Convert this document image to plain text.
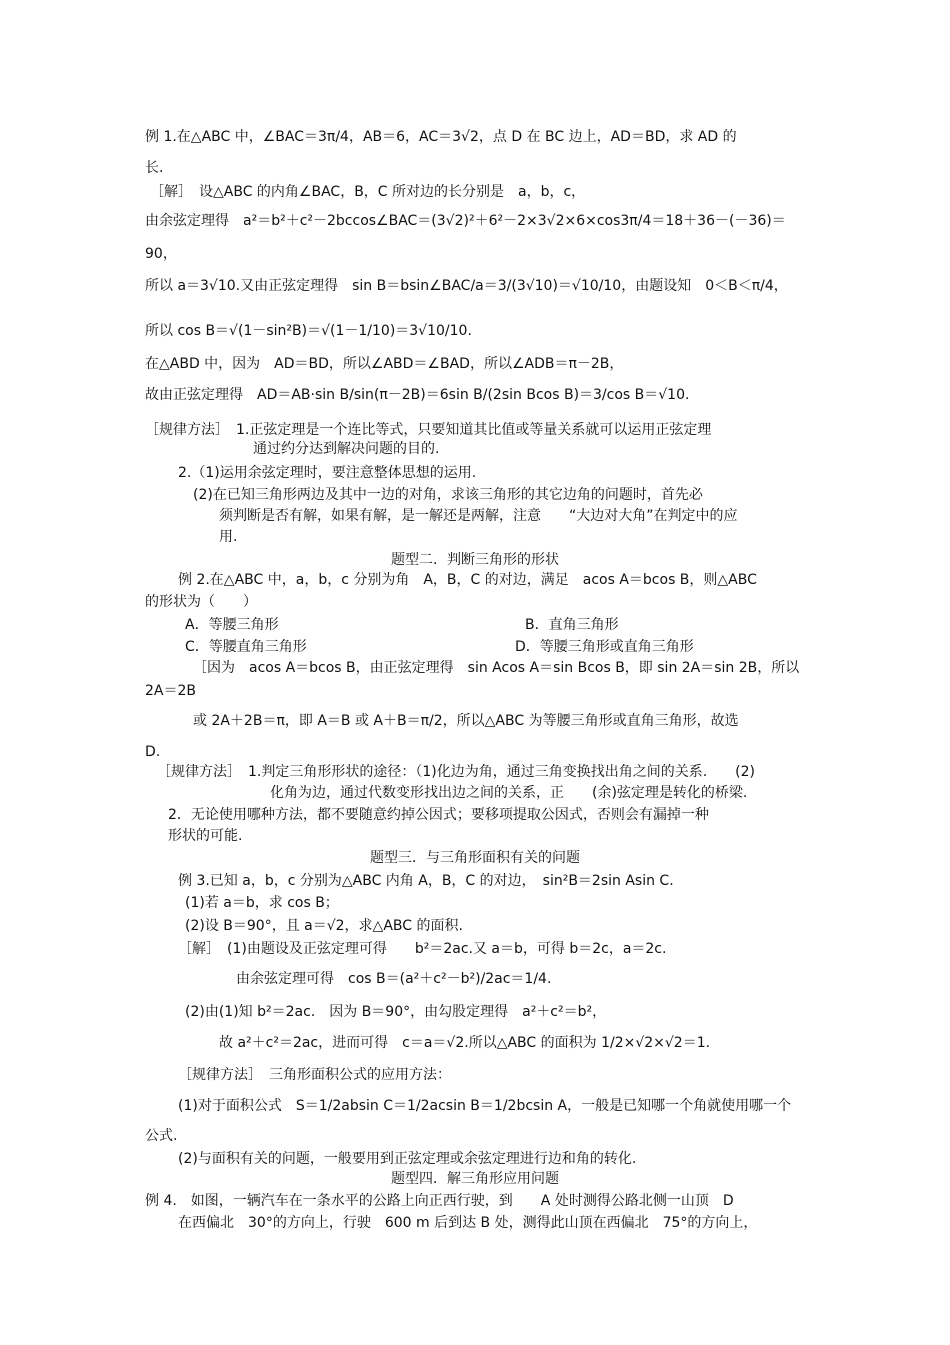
例 1.在△ABC 中，∠BAC＝3π/4，AB＝6，AC＝3√2，点 D 在 BC 边上，AD＝BD，求 AD 的
长.
［解］　设△ABC 的内角∠BAC，B，C 所对边的长分别是　a，b，c，
由余弦定理得　a²＝b²＋c²－2bccos∠BAC＝(3√2)²＋6²－2×3√2×6×cos3π/4＝18＋36－(－36)＝
90，
所以 a＝3√10.又由正弦定理得　sin B＝bsin∠BAC/a＝3/(3√10)＝√10/10，由题设知　0＜B＜π/4，
所以 cos B＝√(1－sin²B)＝√(1－1/10)＝3√10/10.
在△ABD 中，因为　AD＝BD，所以∠ABD＝∠BAD，所以∠ADB＝π－2B，
故由正弦定理得　AD＝AB·sin B/sin(π－2B)＝6sin B/(2sin Bcos B)＝3/cos B＝√10.
［规律方法］　1.正弦定理是一个连比等式，只要知道其比值或等量关系就可以运用正弦定理
通过约分达到解决问题的目的.
2.（1)运用余弦定理时，要注意整体思想的运用.
(2)在已知三角形两边及其中一边的对角，求该三角形的其它边角的问题时，首先必
须判断是否有解，如果有解，是一解还是两解，注意　　“大边对大角”在判定中的应
用.
题型二．判断三角形的形状
例 2.在△ABC 中，a，b，c 分别为角　A，B，C 的对边，满足　acos A＝bcos B，则△ABC
的形状为（　　）
A．等腰三角形	B．直角三角形
C．等腰直角三角形	D．等腰三角形或直角三角形
［因为　acos A＝bcos B，由正弦定理得　sin Acos A＝sin Bcos B，即 sin 2A＝sin 2B，所以
2A＝2B
或 2A＋2B＝π，即 A＝B 或 A＋B＝π/2，所以△ABC 为等腰三角形或直角三角形，故选
D.
［规律方法］　1.判定三角形形状的途径：（1)化边为角，通过三角变换找出角之间的关系.　　(2)
化角为边，通过代数变形找出边之间的关系，正　　(余)弦定理是转化的桥梁.
2．无论使用哪种方法，都不要随意约掉公因式；要移项提取公因式，否则会有漏掉一种
形状的可能.
题型三．与三角形面积有关的问题
例 3.已知 a，b，c 分别为△ABC 内角 A，B，C 的对边，　sin²B＝2sin Asin C.
(1)若 a＝b，求 cos B；
(2)设 B＝90°，且 a＝√2，求△ABC 的面积.
［解］　(1)由题设及正弦定理可得　　b²＝2ac.又 a＝b，可得 b＝2c，a＝2c.
由余弦定理可得　cos B＝(a²＋c²－b²)/2ac＝1/4.
(2)由(1)知 b²＝2ac.　因为 B＝90°，由勾股定理得　a²＋c²＝b²，
故 a²＋c²＝2ac，进而可得　c＝a＝√2.所以△ABC 的面积为 1/2×√2×√2＝1.
［规律方法］　三角形面积公式的应用方法：
(1)对于面积公式　S＝1/2absin C＝1/2acsin B＝1/2bcsin A，一般是已知哪一个角就使用哪一个
公式.
(2)与面积有关的问题，一般要用到正弦定理或余弦定理进行边和角的转化.
题型四．解三角形应用问题
例 4.　如图，一辆汽车在一条水平的公路上向正西行驶，到　　A 处时测得公路北侧一山顶　D
在西偏北　30°的方向上，行驶　600 m 后到达 B 处，测得此山顶在西偏北　75°的方向上，
